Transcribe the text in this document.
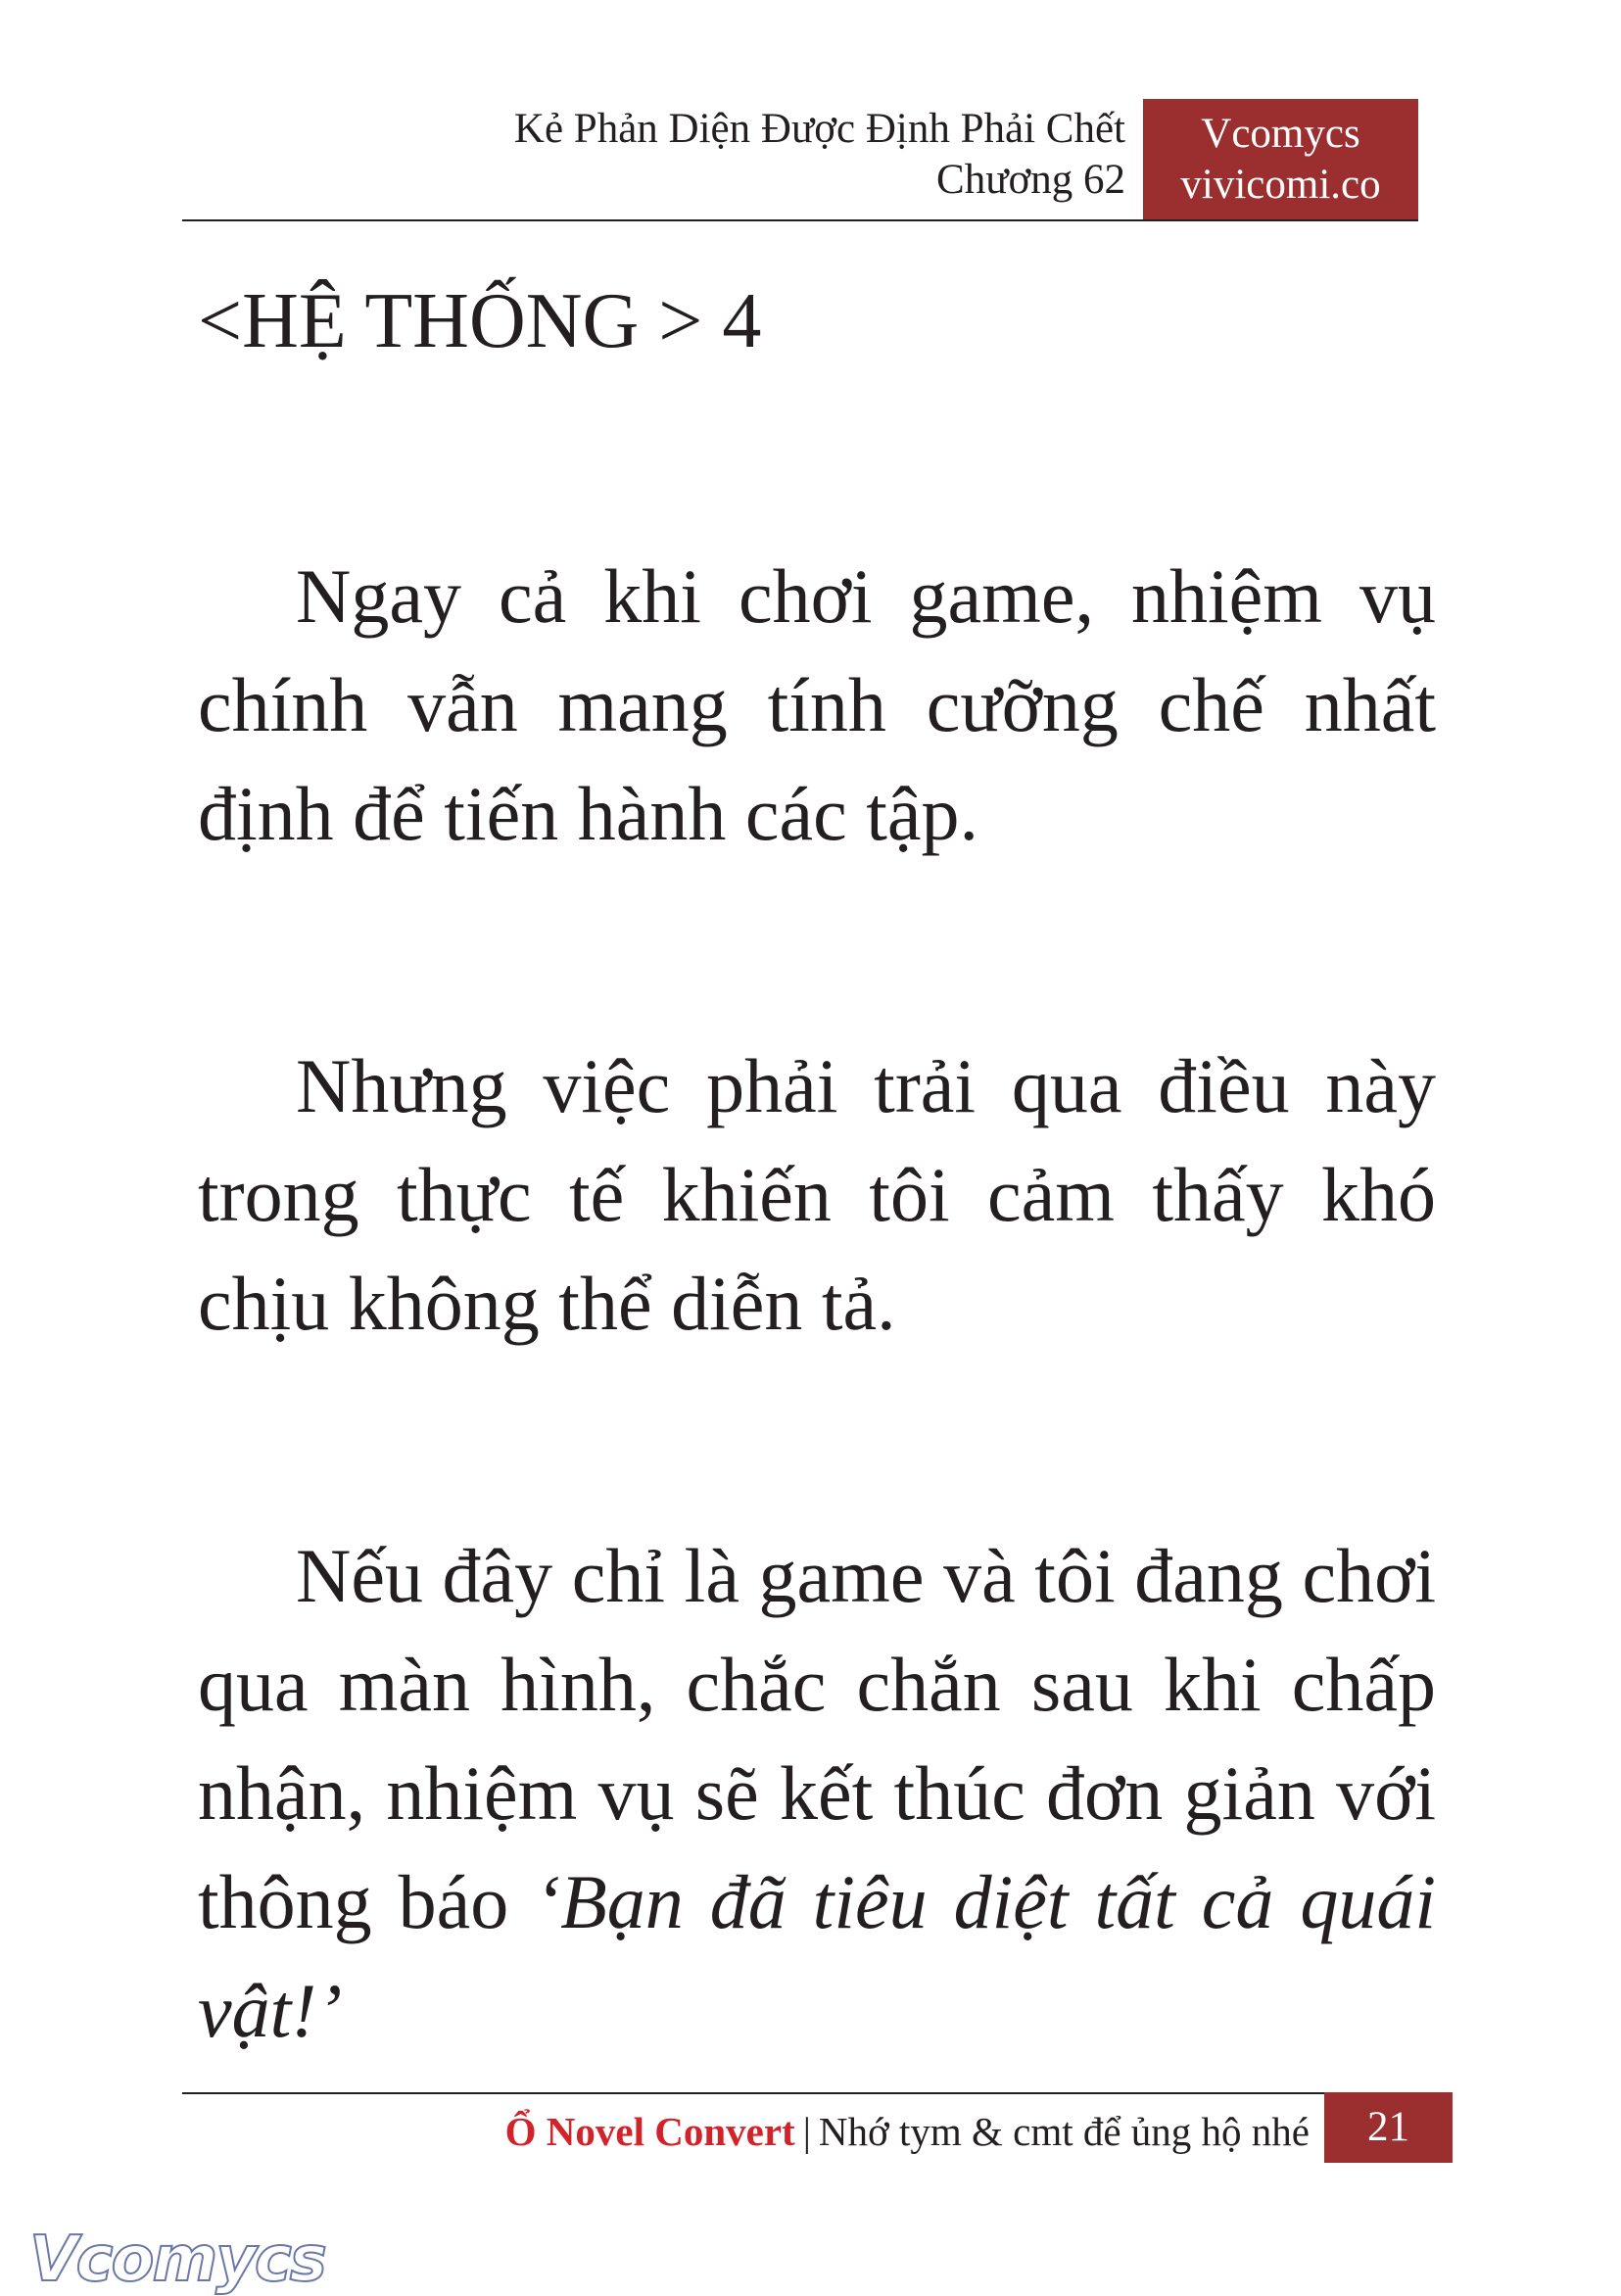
Kẻ Phản Diện Được Định Phải Chết
Chương 62
Vcomycs
vivicomi.co
<HỆ THỐNG > 4

Ngay cả khi chơi game, nhiệm vụ chính vẫn mang tính cưỡng chế nhất định để tiến hành các tập.

Nhưng việc phải trải qua điều này trong thực tế khiến tôi cảm thấy khó chịu không thể diễn tả.

Nếu đây chỉ là game và tôi đang chơi qua màn hình, chắc chắn sau khi chấp nhận, nhiệm vụ sẽ kết thúc đơn giản với thông báo ‘Bạn đã tiêu diệt tất cả quái vật!’

Ổ Novel Convert | Nhớ tym & cmt để ủng hộ nhé	21
Vcomycs
